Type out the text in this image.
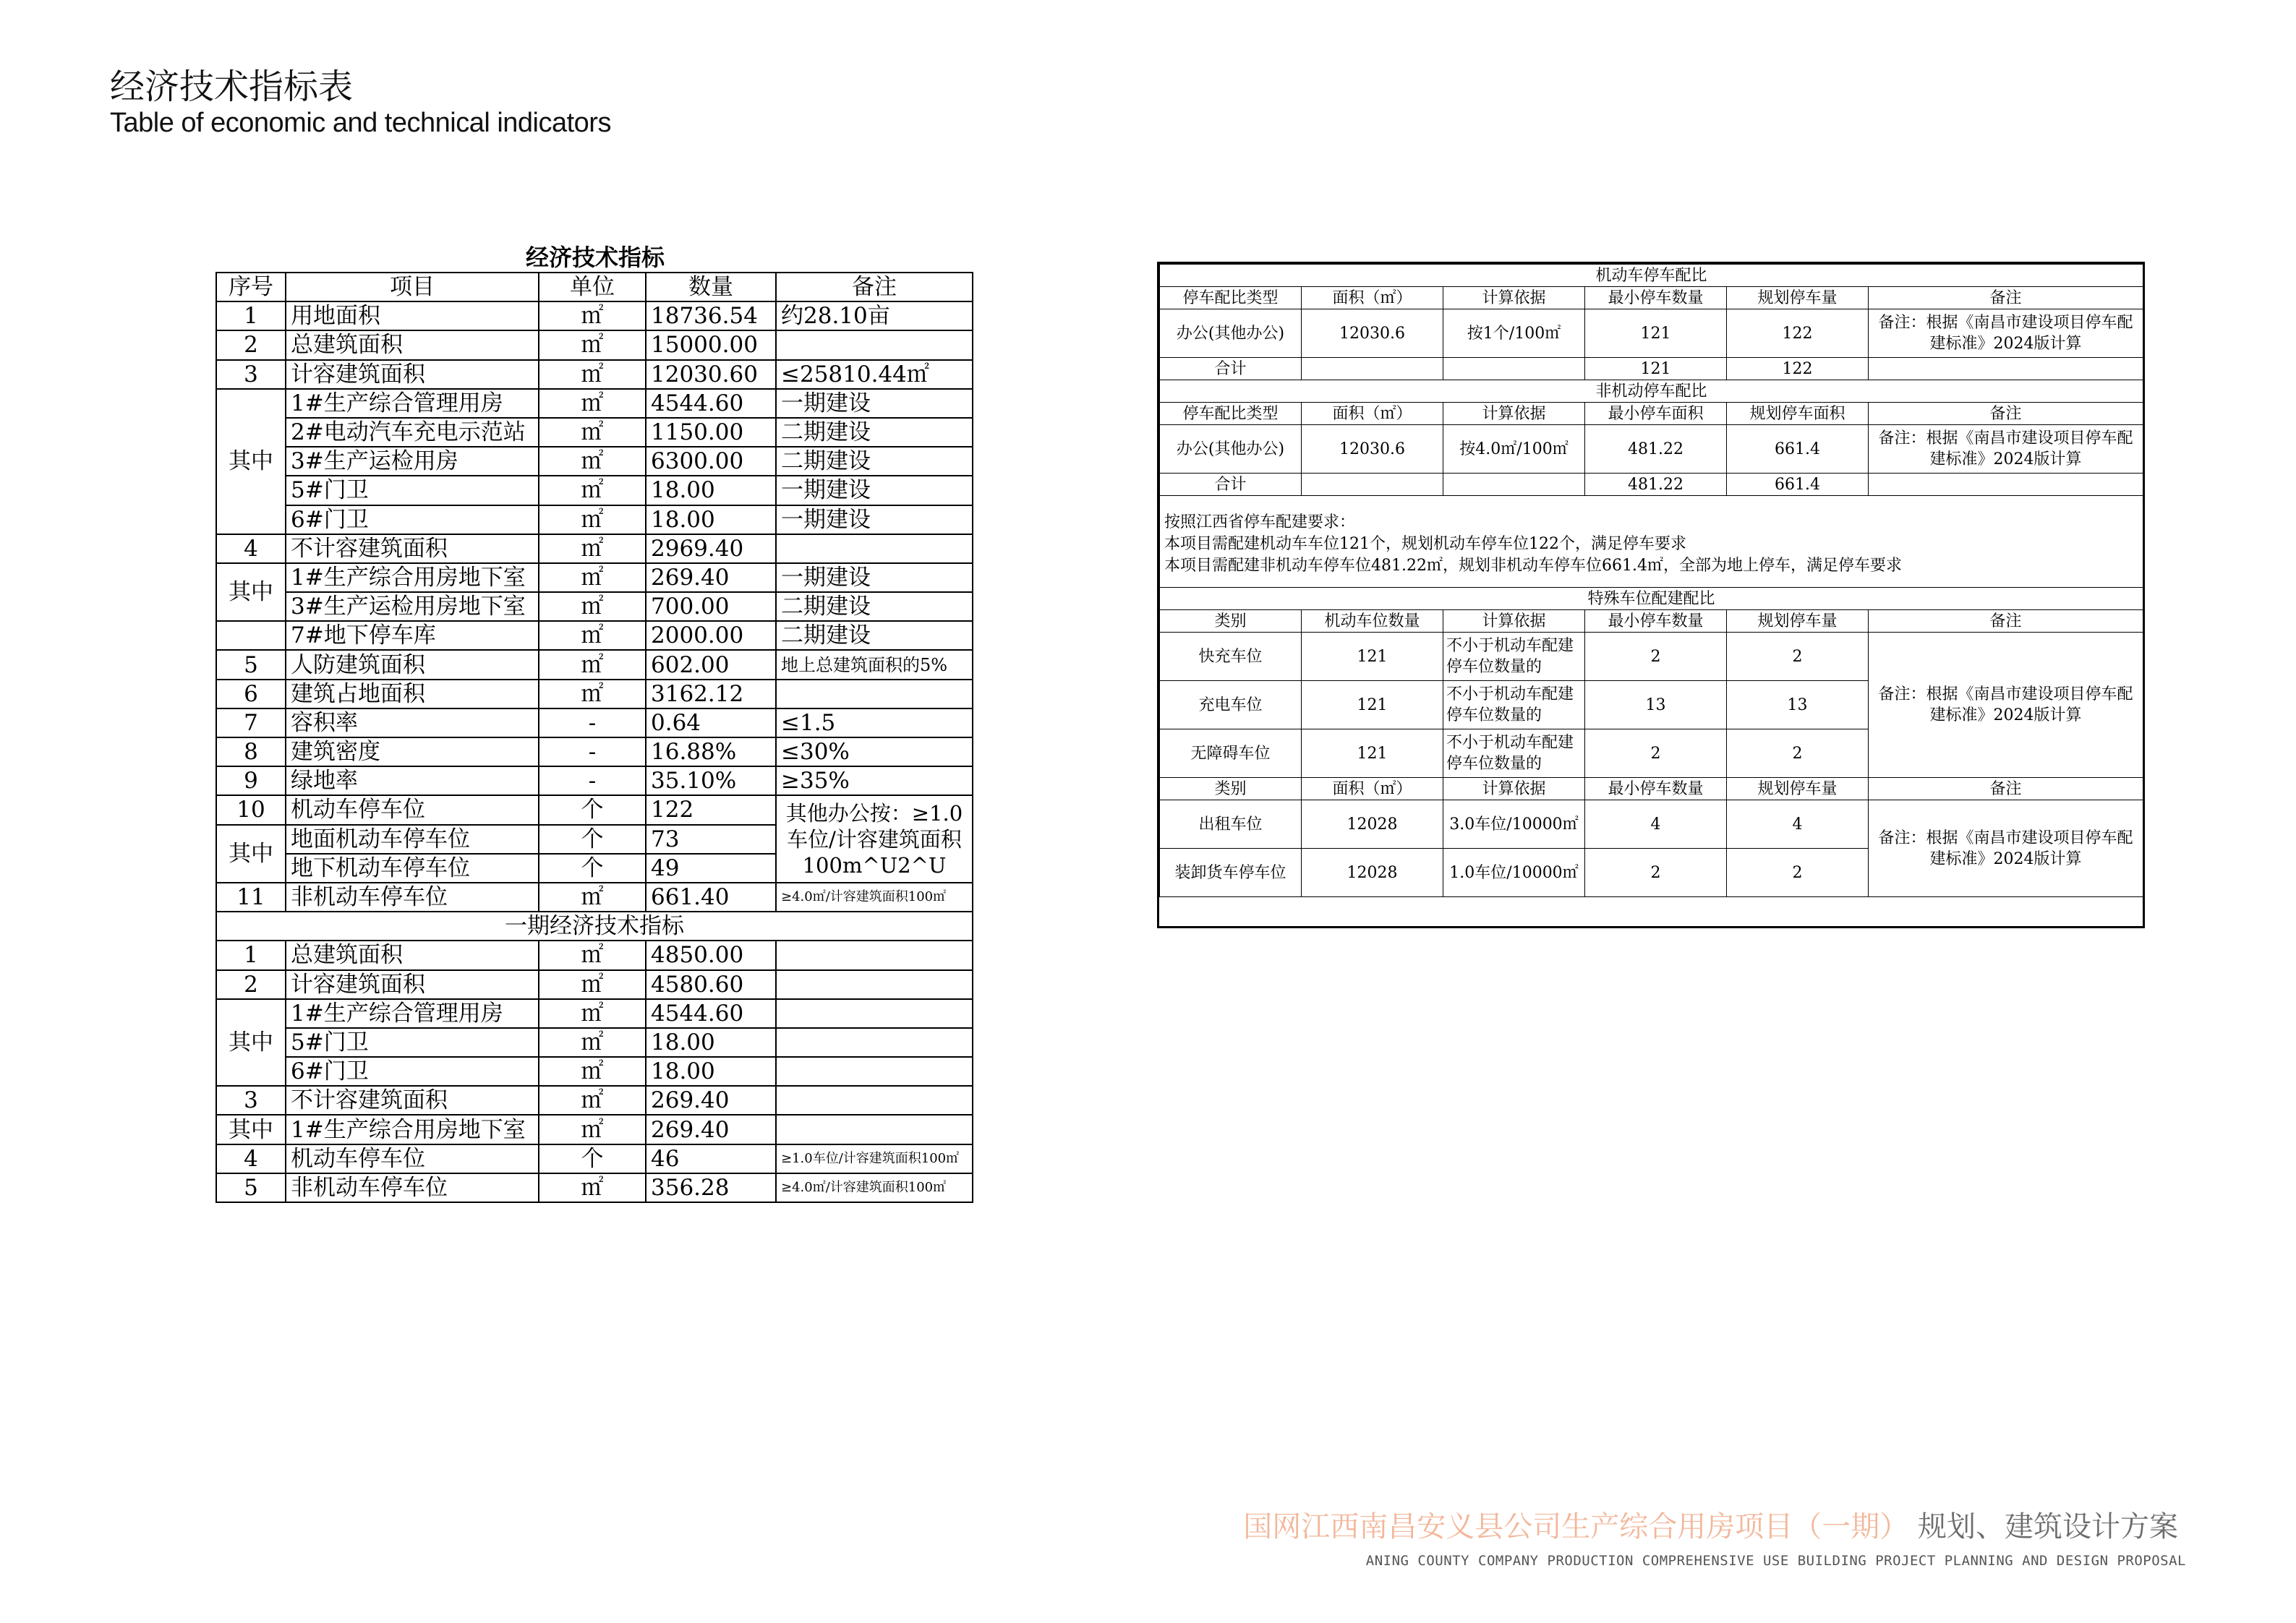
经济技术指标表
Table of economic and technical indicators
经济技术指标
序号	项目	单位	数量	备注
1	用地面积	㎡	18736.54	约28.10亩
2	总建筑面积	㎡	15000.00	
3	计容建筑面积	㎡	12030.60	≤25810.44㎡
其中	1#生产综合管理用房	㎡	4544.60	一期建设
	2#电动汽车充电示范站	㎡	1150.00	二期建设
	3#生产运检用房	㎡	6300.00	二期建设
	5#门卫	㎡	18.00	一期建设
	6#门卫	㎡	18.00	一期建设
4	不计容建筑面积	㎡	2969.40	
其中	1#生产综合用房地下室	㎡	269.40	一期建设
	3#生产运检用房地下室	㎡	700.00	二期建设
	7#地下停车库	㎡	2000.00	二期建设
5	人防建筑面积	㎡	602.00	地上总建筑面积的5%
6	建筑占地面积	㎡	3162.12	
7	容积率	-	0.64	≤1.5
8	建筑密度	-	16.88%	≤30%
9	绿地率	-	35.10%	≥35%
10	机动车停车位	个	122	其他办公按：≥1.0车位/计容建筑面积100m^U2^U
其中	地面机动车停车位	个	73	
	地下机动车停车位	个	49	
11	非机动车停车位	㎡	661.40	≥4.0㎡/计容建筑面积100㎡
一期经济技术指标				
1	总建筑面积	㎡	4850.00	
2	计容建筑面积	㎡	4580.60	
其中	1#生产综合管理用房	㎡	4544.60	
	5#门卫	㎡	18.00	
	6#门卫	㎡	18.00	
3	不计容建筑面积	㎡	269.40	
其中	1#生产综合用房地下室	㎡	269.40	
4	机动车停车位	个	46	≥1.0车位/计容建筑面积100㎡
5	非机动车停车位	㎡	356.28	≥4.0㎡/计容建筑面积100㎡
机动车停车配比					
停车配比类型	面积（㎡）	计算依据	最小停车数量	规划停车量	备注
办公(其他办公)	12030.6	按1个/100㎡	121	122	备注：根据《南昌市建设项目停车配建标准》2024版计算
合计			121	122	
非机动停车配比					
停车配比类型	面积（㎡）	计算依据	最小停车面积	规划停车面积	备注
办公(其他办公)	12030.6	按4.0㎡/100㎡	481.22	661.4	备注：根据《南昌市建设项目停车配建标准》2024版计算
合计			481.22	661.4	

按照江西省停车配建要求：
本项目需配建机动车车位121个，规划机动车停车位122个，满足停车要求
本项目需配建非机动车停车位481.22㎡，规划非机动车停车位661.4㎡，全部为地上停车，满足停车要求					

特殊车位配建配比					
类别	机动车位数量	计算依据	最小停车数量	规划停车量	备注
快充车位	121	不小于机动车配建停车位数量的	2	2	备注：根据《南昌市建设项目停车配建标准》2024版计算
充电车位	121	不小于机动车配建停车位数量的	13	13	
无障碍车位	121	不小于机动车配建停车位数量的	2	2	
类别	面积（㎡）	计算依据	最小停车数量	规划停车量	备注
出租车位	12028	3.0车位/10000㎡	4	4	备注：根据《南昌市建设项目停车配建标准》2024版计算
装卸货车停车位	12028	1.0车位/10000㎡	2	2	
国网江西南昌安义县公司生产综合用房项目（一期） 规划、建筑设计方案
ANING COUNTY COMPANY PRODUCTION COMPREHENSIVE USE BUILDING PROJECT PLANNING AND DESIGN PROPOSAL
